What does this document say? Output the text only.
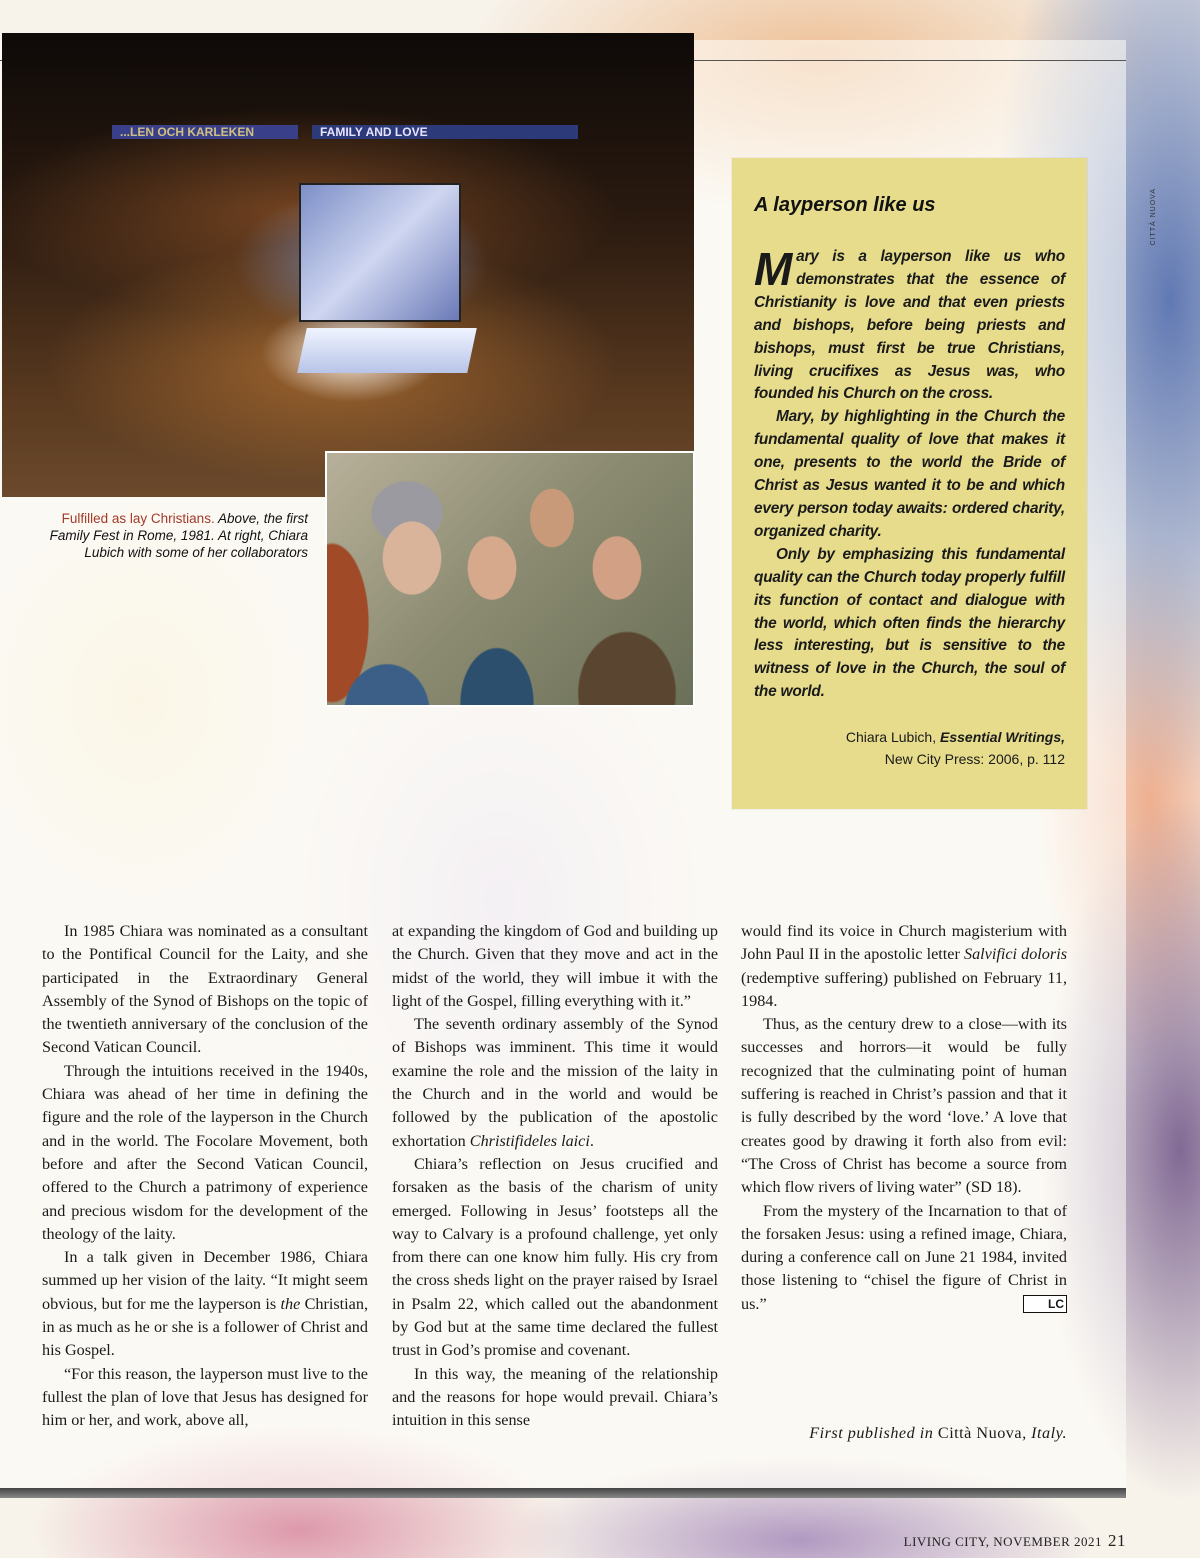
...LEN OCH KARLEKEN	FAMILY AND LOVE
Fulfilled as lay Christians. Above, the first Family Fest in Rome, 1981. At right, Chiara Lubich with some of her collaborators
CITTÀ NUOVA
A layperson like us

Mary is a layperson like us who demonstrates that the essence of Christianity is love and that even priests and bishops, before being priests and bishops, must first be true Christians, living crucifixes as Jesus was, who founded his Church on the cross.

Mary, by highlighting in the Church the fundamental quality of love that makes it one, presents to the world the Bride of Christ as Jesus wanted it to be and which every person today awaits: ordered charity, organized charity.

Only by emphasizing this fundamental quality can the Church today properly fulfill its function of contact and dialogue with the world, which often finds the hierarchy less interesting, but is sensitive to the witness of love in the Church, the soul of the world.

Chiara Lubich, Essential Writings,
New City Press: 2006, p. 112

In 1985 Chiara was nominated as a consultant to the Pontifical Council for the Laity, and she participated in the Extraordinary General Assembly of the Synod of Bishops on the topic of the twentieth anniversary of the conclusion of the Second Vatican Council.

Through the intuitions received in the 1940s, Chiara was ahead of her time in defining the figure and the role of the layperson in the Church and in the world. The Focolare Movement, both before and after the Second Vatican Council, offered to the Church a patrimony of experience and precious wisdom for the development of the theology of the laity.

In a talk given in December 1986, Chiara summed up her vision of the laity. “It might seem obvious, but for me the layperson is the Christian, in as much as he or she is a follower of Christ and his Gospel.

“For this reason, the layperson must live to the fullest the plan of love that Jesus has designed for him or her, and work, above all,

at expanding the kingdom of God and building up the Church. Given that they move and act in the midst of the world, they will imbue it with the light of the Gospel, filling everything with it.”

The seventh ordinary assembly of the Synod of Bishops was imminent. This time it would examine the role and the mission of the laity in the Church and in the world and would be followed by the publication of the apostolic exhortation Christifideles laici.

Chiara’s reflection on Jesus crucified and forsaken as the basis of the charism of unity emerged. Following in Jesus’ footsteps all the way to Calvary is a profound challenge, yet only from there can one know him fully. His cry from the cross sheds light on the prayer raised by Israel in Psalm 22, which called out the abandonment by God but at the same time declared the fullest trust in God’s promise and covenant.

In this way, the meaning of the relationship and the reasons for hope would prevail. Chiara’s intuition in this sense

would find its voice in Church magisterium with John Paul II in the apostolic letter Salvifici doloris (redemptive suffering) published on February 11, 1984.

Thus, as the century drew to a close—with its successes and horrors—it would be fully recognized that the culminating point of human suffering is reached in Christ’s passion and that it is fully described by the word ‘love.’ A love that creates good by drawing it forth also from evil: “The Cross of Christ has become a source from which flow rivers of living water” (SD 18).

From the mystery of the Incarnation to that of the forsaken Jesus: using a refined image, Chiara, during a conference call on June 21 1984, invited those listening to “chisel the figure of Christ in us.”	LC

First published in Città Nuova, Italy.
LIVING CITY, NOVEMBER 2021 21
